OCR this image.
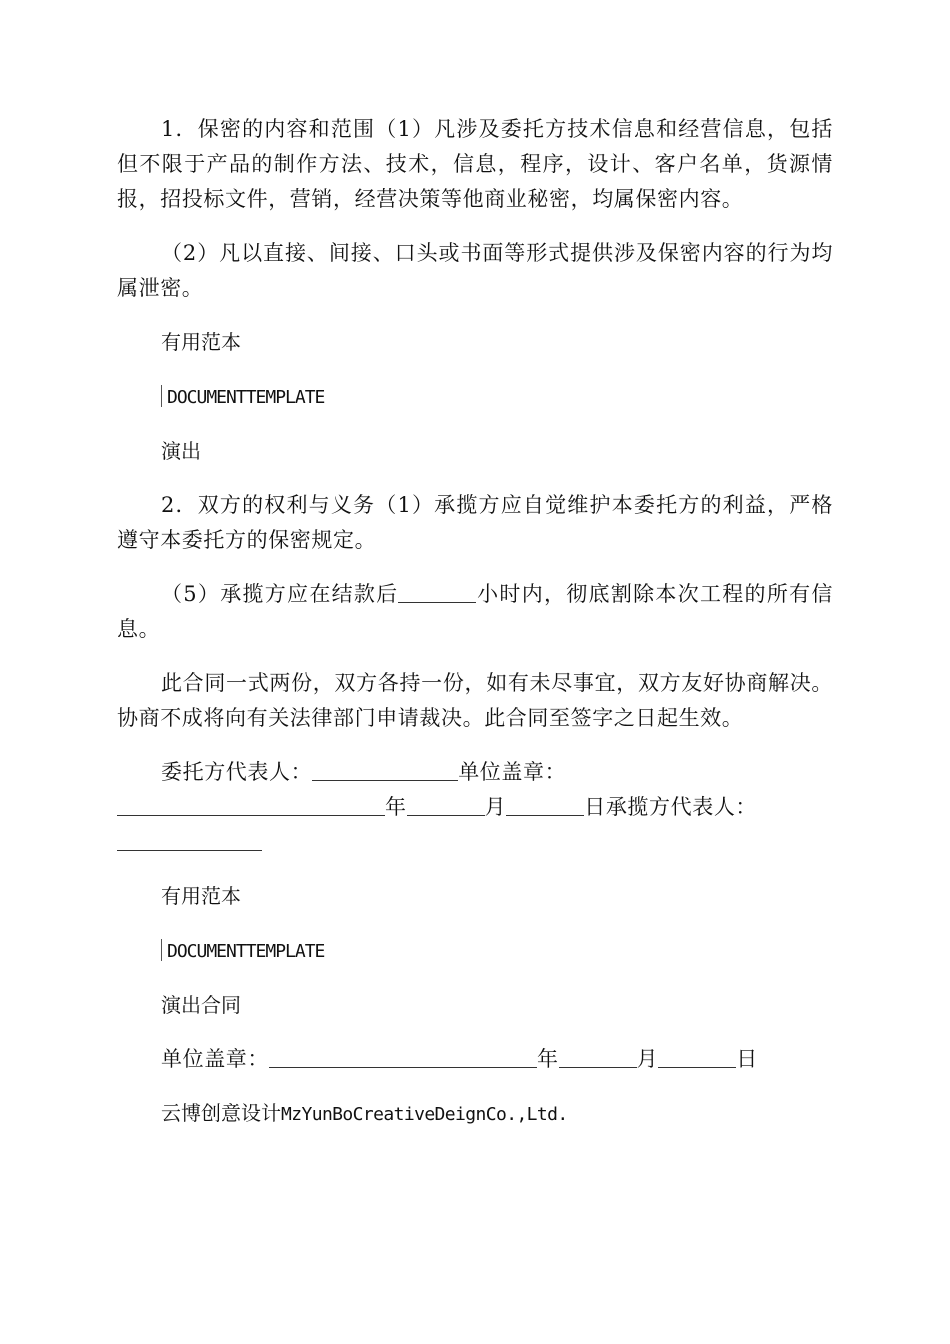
1．保密的内容和范围（1）凡涉及委托方技术信息和经营信息，包括但不限于产品的制作方法、技术，信息，程序，设计、客户名单，货源情报，招投标文件，营销，经营决策等他商业秘密，均属保密内容。

（2）凡以直接、间接、口头或书面等形式提供涉及保密内容的行为均属泄密。

有用范本
DOCUMENTTEMPLATE
演出

2．双方的权利与义务（1）承揽方应自觉维护本委托方的利益，严格遵守本委托方的保密规定。

（5）承揽方应在结款后	小时内，彻底割除本次工程的所有信息。

此合同一式两份，双方各持一份，如有未尽事宜，双方友好协商解决。协商不成将向有关法律部门申请裁决。此合同至签字之日起生效。

委托方代表人：	单位盖章：
年	月	日承揽方代表人：
有用范本
DOCUMENTTEMPLATE
演出合同
单位盖章：	年	月	日
云博创意设计MzYunBoCreativeDeignCo.,Ltd.
